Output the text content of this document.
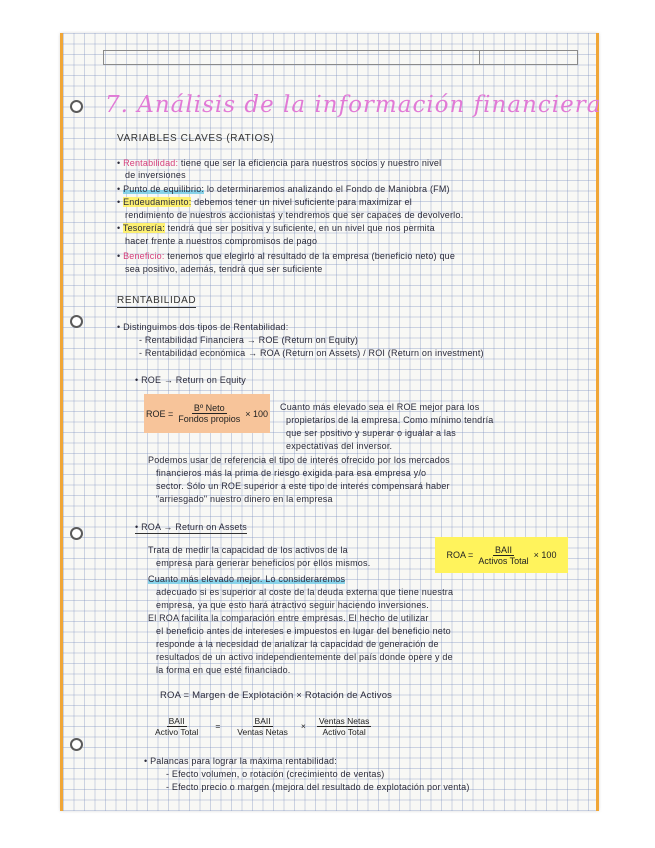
7. Análisis de la información financiera
VARIABLES CLAVES (RATIOS)
• Rentabilidad: tiene que ser la eficiencia para nuestros socios y nuestro nivel
de inversiones
• Punto de equilibrio: lo determinaremos analizando el Fondo de Maniobra (FM)
• Endeudamiento: debemos tener un nivel suficiente para maximizar el
rendimiento de nuestros accionistas y tendremos que ser capaces de devolverlo.
• Tesorería: tendrá que ser positiva y suficiente, en un nivel que nos permita
hacer frente a nuestros compromisos de pago
• Beneficio: tenemos que elegirlo al resultado de la empresa (beneficio neto) que
sea positivo, además, tendrá que ser suficiente
RENTABILIDAD
• Distinguimos dos tipos de Rentabilidad:
- Rentabilidad Financiera → ROE (Return on Equity)
- Rentabilidad económica → ROA (Return on Assets) / ROI (Return on investment)
• ROE → Return on Equity
ROE = $\frac{\text{Bº Neto}}{\text{Fondos propios}} \times 100$
Cuanto más elevado sea el ROE mejor para los
propietarios de la empresa. Como mínimo tendría
que ser positivo y superar o igualar a las
expectativas del inversor.
Podemos usar de referencia el tipo de interés ofrecido por los mercados
financieros más la prima de riesgo exigida para esa empresa y/o
sector. Sólo un ROE superior a este tipo de interés compensará haber
"arriesgado" nuestro dinero en la empresa
• ROA → Return on Assets
ROA = $\frac{\text{BAII}}{\text{Activos Total}} \times 100$
Trata de medir la capacidad de los activos de la
empresa para generar beneficios por ellos mismos.
Cuanto más elevado mejor. Lo consideraremos
adecuado si es superior al coste de la deuda externa que tiene nuestra
empresa, ya que esto hará atractivo seguir haciendo inversiones.
El ROA facilita la comparación entre empresas. El hecho de utilizar
el beneficio antes de intereses e impuestos en lugar del beneficio neto
responde a la necesidad de analizar la capacidad de generación de
resultados de un activo independientemente del país donde opere y de
la forma en que esté financiado.
ROA = Margen de Explotación × Rotación de Activos
$\frac{\text{BAII}}{\text{Activo Total}} = \frac{\text{BAII}}{\text{Ventas Netas}} \times \frac{\text{Ventas Netas}}{\text{Activo Total}}$
• Palancas para lograr la máxima rentabilidad:
- Efecto volumen, o rotación (crecimiento de ventas)
- Efecto precio o margen (mejora del resultado de explotación por venta)
